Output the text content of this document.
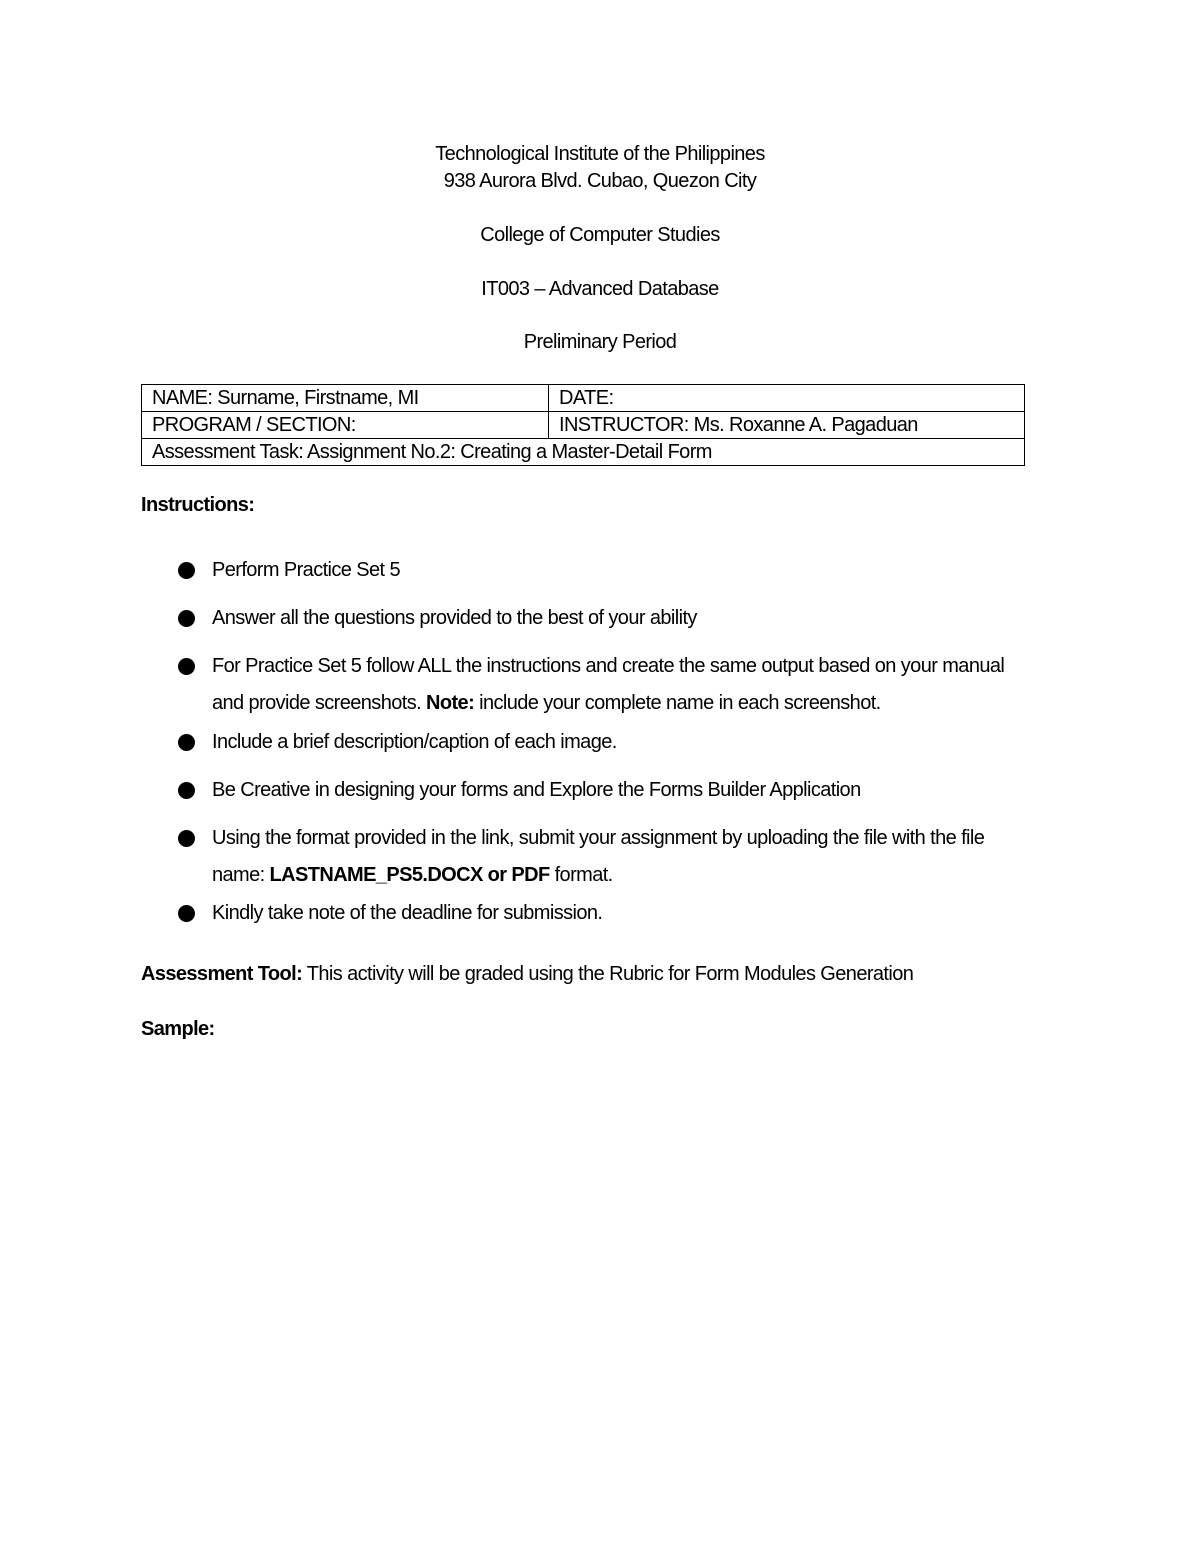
Technological Institute of the Philippines
938 Aurora Blvd. Cubao, Quezon City
College of Computer Studies
IT003 – Advanced Database
Preliminary Period
NAME: Surname, Firstname, MI	DATE:
PROGRAM / SECTION:	INSTRUCTOR: Ms. Roxanne A. Pagaduan
Assessment Task: Assignment No.2: Creating a Master-Detail Form	
Instructions:
Perform Practice Set 5
Answer all the questions provided to the best of your ability
For Practice Set 5 follow ALL the instructions and create the same output based on your manual and provide screenshots. Note: include your complete name in each screenshot.
Include a brief description/caption of each image.
Be Creative in designing your forms and Explore the Forms Builder Application
Using the format provided in the link, submit your assignment by uploading the file with the file name: LASTNAME_PS5.DOCX or PDF format.
Kindly take note of the deadline for submission.
Assessment Tool: This activity will be graded using the Rubric for Form Modules Generation
Sample:
